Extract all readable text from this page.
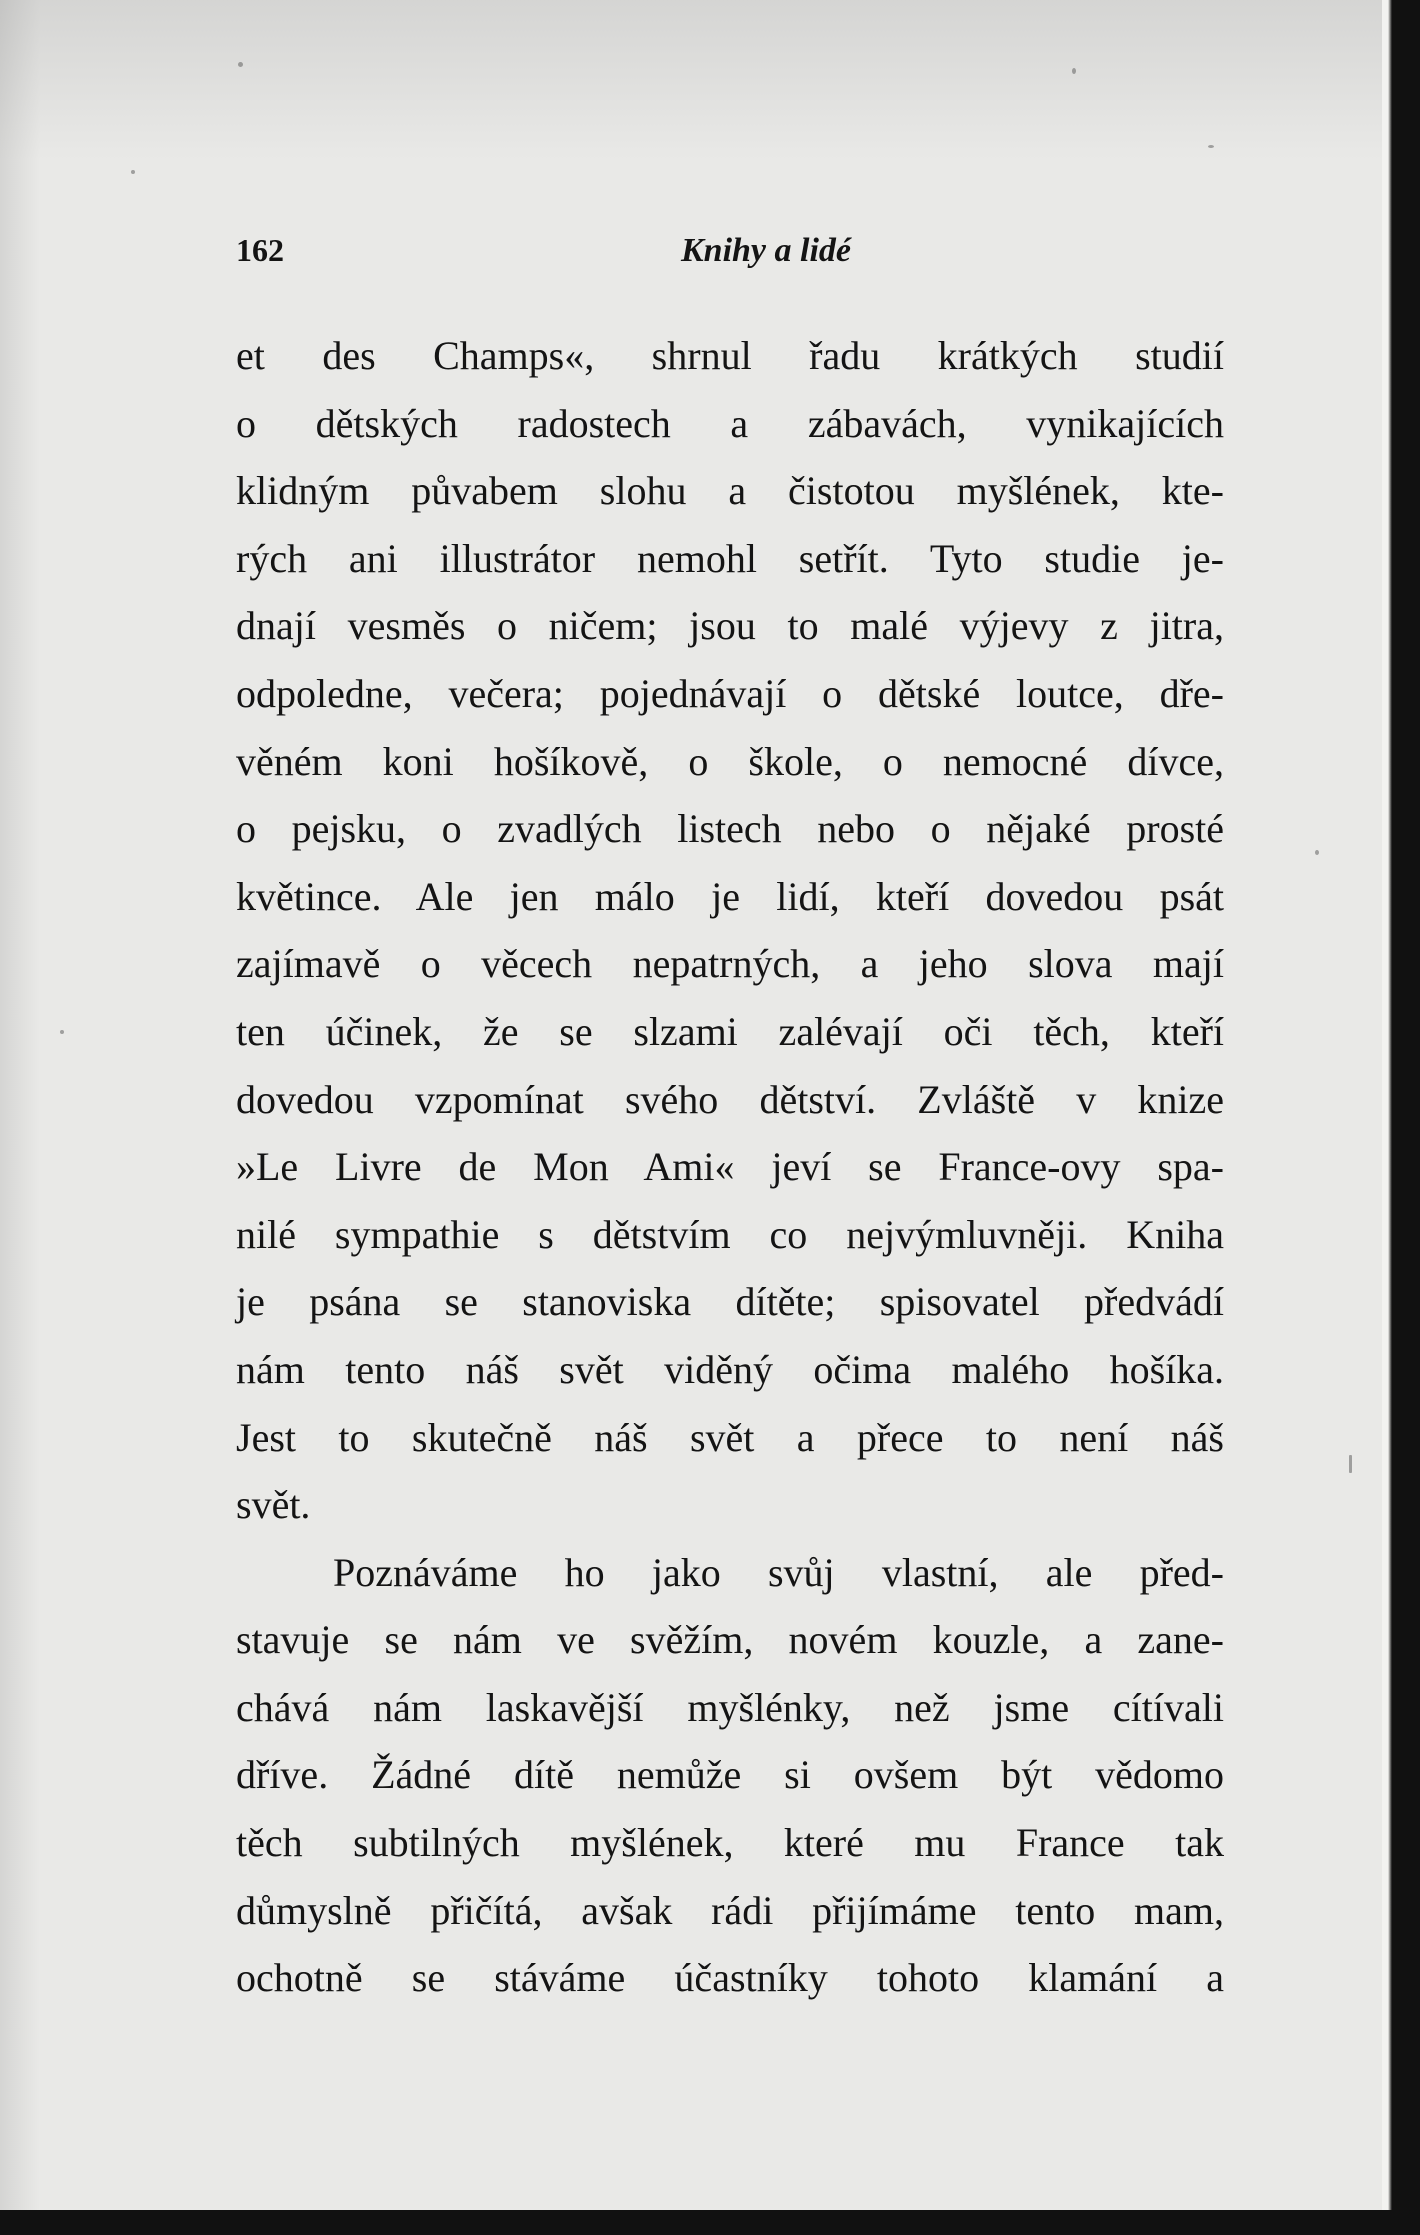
162	Knihy a lidé
et des Champs«, shrnul řadu krátkých studií
o dětských radostech a zábavách, vynikajících
klidným půvabem slohu a čistotou myšlének, kte-
rých ani illustrátor nemohl setřít. Tyto studie je-
dnají vesměs o ničem; jsou to malé výjevy z jitra,
odpoledne, večera; pojednávají o dětské loutce, dře-
věném koni hošíkově, o škole, o nemocné dívce,
o pejsku, o zvadlých listech nebo o nějaké prosté
květince. Ale jen málo je lidí, kteří dovedou psát
zajímavě o věcech nepatrných, a jeho slova mají
ten účinek, že se slzami zalévají oči těch, kteří
dovedou vzpomínat svého dětství. Zvláště v knize
»Le Livre de Mon Ami« jeví se France-ovy spa-
nilé sympathie s dětstvím co nejvýmluvněji. Kniha
je psána se stanoviska dítěte; spisovatel předvádí
nám tento náš svět viděný očima malého hošíka.
Jest to skutečně náš svět a přece to není náš
svět.
Poznáváme ho jako svůj vlastní, ale před-
stavuje se nám ve svěžím, novém kouzle, a zane-
chává nám laskavější myšlénky, než jsme cítívali
dříve. Žádné dítě nemůže si ovšem být vědomo
těch subtilných myšlének, které mu France tak
důmyslně přičítá, avšak rádi přijímáme tento mam,
ochotně se stáváme účastníky tohoto klamání a
